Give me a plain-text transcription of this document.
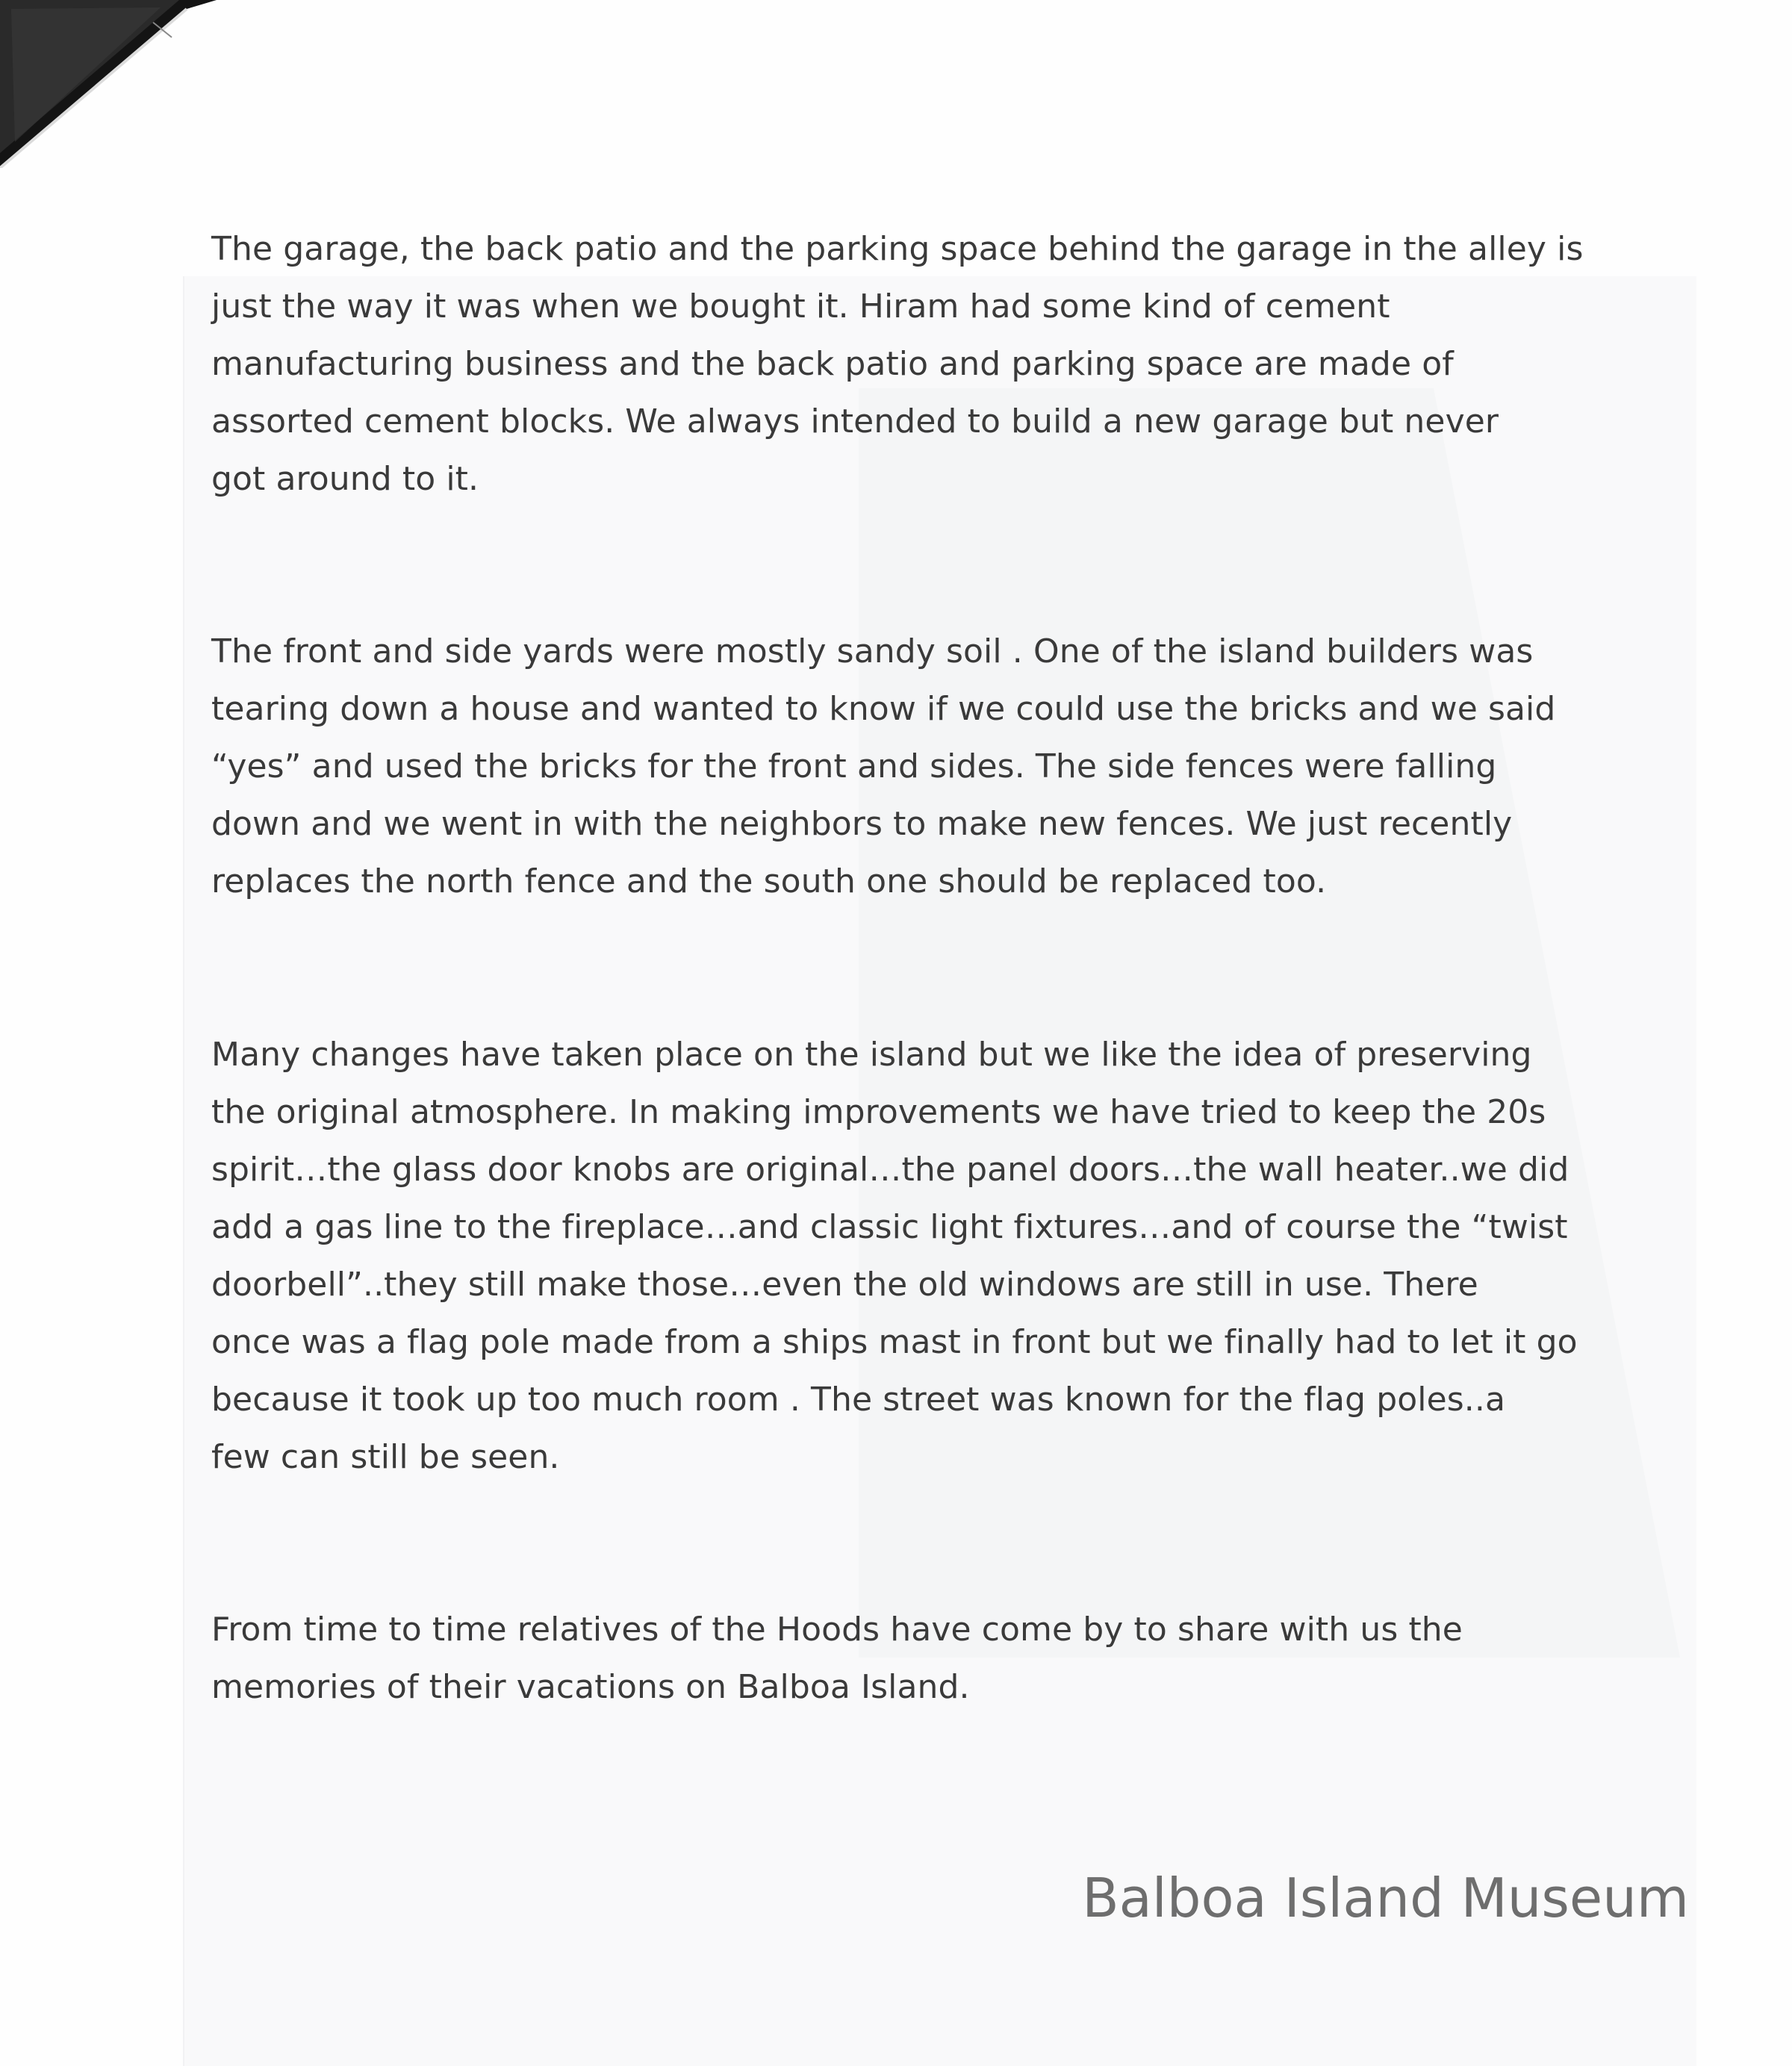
The garage, the back patio and the parking space behind the garage in the alley is
just the way it was when we bought it. Hiram had some kind of cement
manufacturing business and the back patio and parking space are made of
assorted cement blocks. We always intended to build a new garage but never
got around to it.

The front and side yards were mostly sandy soil . One of the island builders was
tearing down a house and wanted to know if we could use the bricks and we said
“yes” and used the bricks for the front and sides. The side fences were falling
down and we went in with the neighbors to make new fences. We just recently
replaces the north fence and the south one should be replaced too.

Many changes have taken place on the island but we like the idea of preserving
the original atmosphere. In making improvements we have tried to keep the 20s
spirit…the glass door knobs are original…the panel doors…the wall heater..we did
add a gas line to the fireplace…and classic light fixtures…and of course the “twist
doorbell”..they still make those…even the old windows are still in use. There
once was a flag pole made from a ships mast in front but we finally had to let it go
because it took up too much room . The street was known for the flag poles..a
few can still be seen.

From time to time relatives of the Hoods have come by to share with us the
memories of their vacations on Balboa Island.

Balboa Island Museum
